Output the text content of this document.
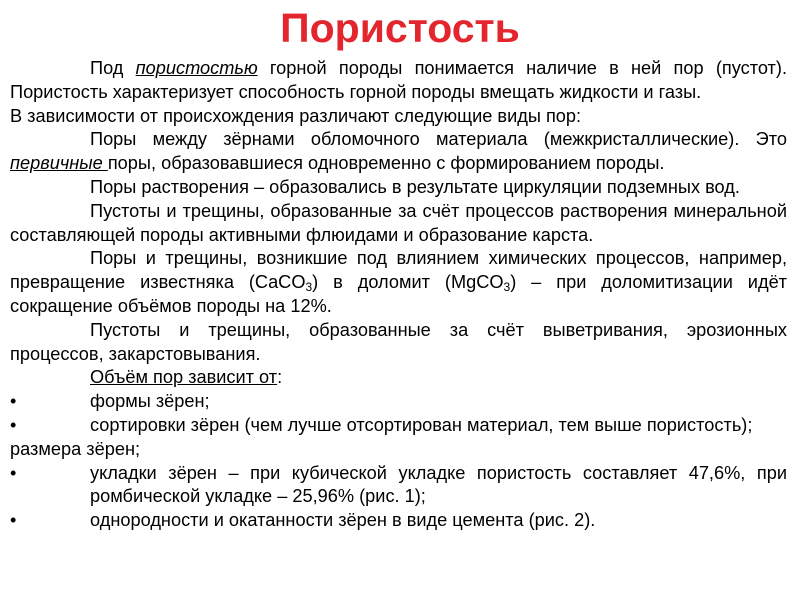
Пористость
Под пористостью горной породы понимается наличие в ней пор (пустот). Пористость характеризует способность горной породы вмещать жидкости и газы.
В зависимости от происхождения различают следующие виды пор:
Поры между зёрнами обломочного материала (межкристаллические). Это первичные поры, образовавшиеся одновременно с формированием породы.
Поры растворения – образовались в результате циркуляции подземных вод.
Пустоты и трещины, образованные за счёт процессов растворения минеральной составляющей породы активными флюидами и образование карста.
Поры и трещины, возникшие под влиянием химических процессов, например, превращение известняка (CaCO$_3$) в доломит (MgCO$_3$) – при доломитизации идёт сокращение объёмов породы на 12%.
Пустоты и трещины, образованные за счёт выветривания, эрозионных процессов, закарстовывания.
Объём пор зависит от:
•	формы зёрен;
•	сортировки зёрен (чем лучше отсортирован материал, тем выше пористость);
размера зёрен;
•	укладки зёрен – при кубической укладке пористость составляет 47,6%, при ромбической укладке – 25,96% (рис. 1);
•	однородности и окатанности зёрен в виде цемента (рис. 2).
